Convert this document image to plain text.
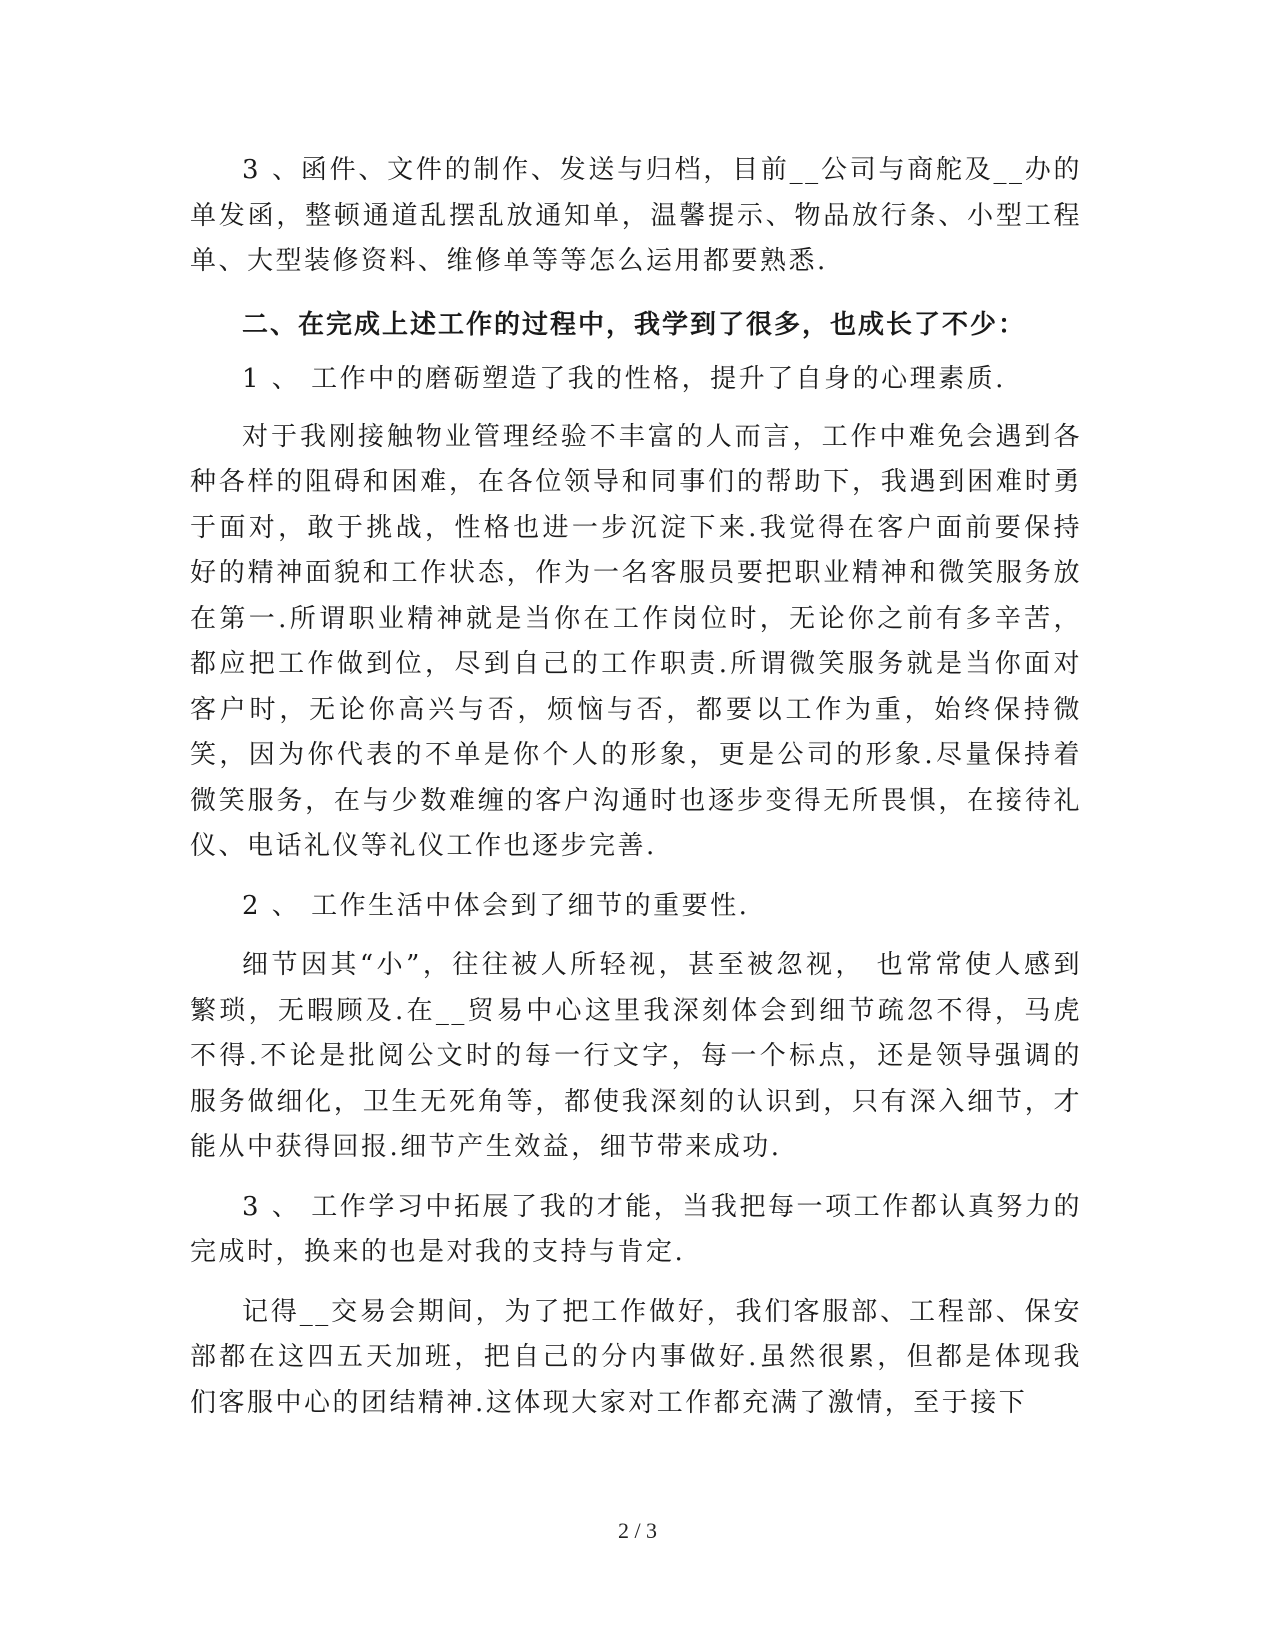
3 、函件、文件的制作、发送与归档，目前__公司与商舵及__办的单发函，整顿通道乱摆乱放通知单，温馨提示、物品放行条、小型工程单、大型装修资料、维修单等等怎么运用都要熟悉.

二、在完成上述工作的过程中，我学到了很多，也成长了不少：

1 、 工作中的磨砺塑造了我的性格，提升了自身的心理素质.

对于我刚接触物业管理经验不丰富的人而言，工作中难免会遇到各种各样的阻碍和困难，在各位领导和同事们的帮助下，我遇到困难时勇于面对，敢于挑战，性格也进一步沉淀下来.我觉得在客户面前要保持好的精神面貌和工作状态，作为一名客服员要把职业精神和微笑服务放在第一.所谓职业精神就是当你在工作岗位时，无论你之前有多辛苦，都应把工作做到位，尽到自己的工作职责.所谓微笑服务就是当你面对客户时，无论你高兴与否，烦恼与否，都要以工作为重，始终保持微笑，因为你代表的不单是你个人的形象，更是公司的形象.尽量保持着微笑服务，在与少数难缠的客户沟通时也逐步变得无所畏惧，在接待礼仪、电话礼仪等礼仪工作也逐步完善.

2 、 工作生活中体会到了细节的重要性.

细节因其“小”，往往被人所轻视，甚至被忽视， 也常常使人感到繁琐，无暇顾及.在__贸易中心这里我深刻体会到细节疏忽不得，马虎不得.不论是批阅公文时的每一行文字，每一个标点，还是领导强调的服务做细化，卫生无死角等，都使我深刻的认识到，只有深入细节，才能从中获得回报.细节产生效益，细节带来成功.

3 、 工作学习中拓展了我的才能，当我把每一项工作都认真努力的完成时，换来的也是对我的支持与肯定.

记得__交易会期间，为了把工作做好，我们客服部、工程部、保安部都在这四五天加班，把自己的分内事做好.虽然很累，但都是体现我们客服中心的团结精神.这体现大家对工作都充满了激情，至于接下

2 / 3
